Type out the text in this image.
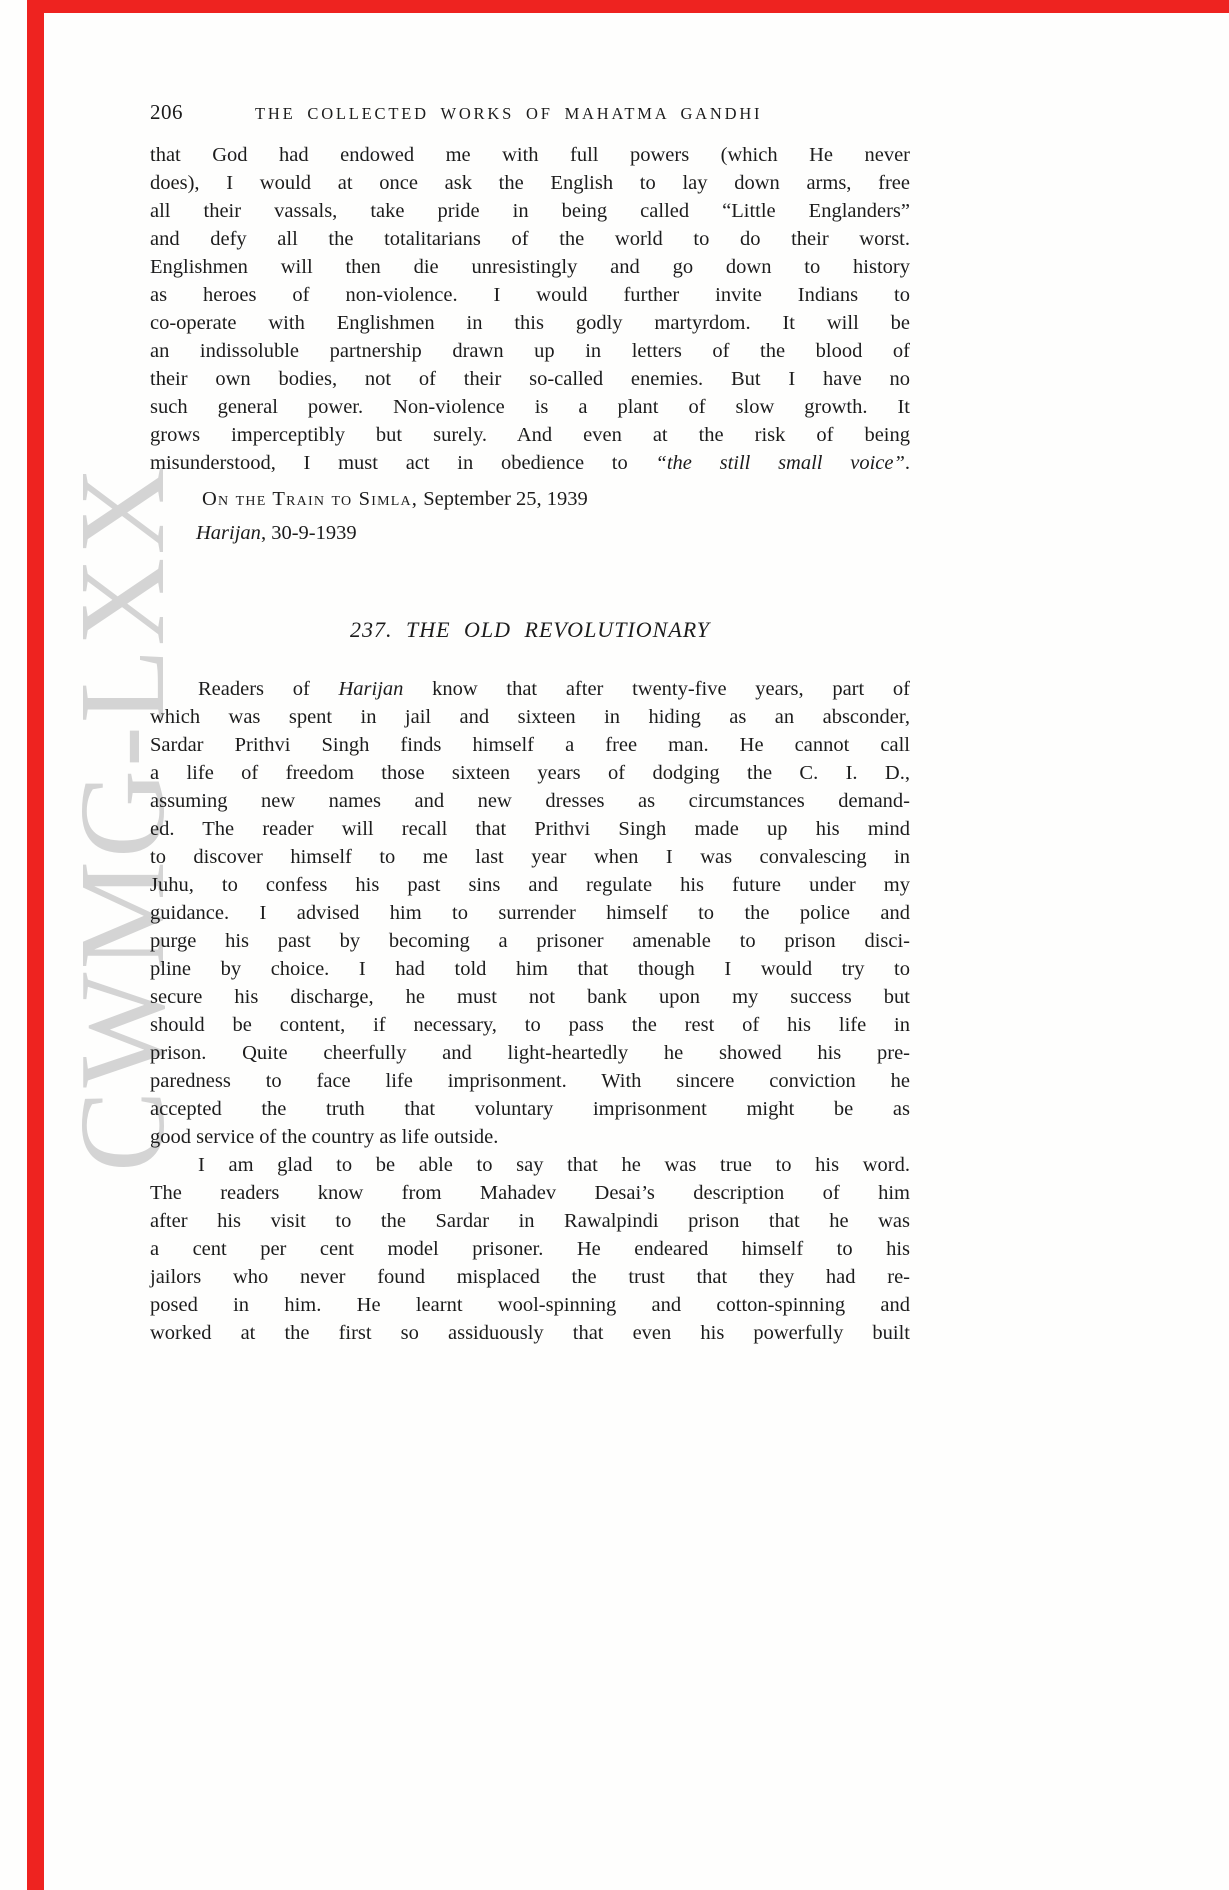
CWMG-LXX
206	THE COLLECTED WORKS OF MAHATMA GANDHI
that God had endowed me with full powers (which He never
does), I would at once ask the English to lay down arms, free
all their vassals, take pride in being called “Little Englanders”
and defy all the totalitarians of the world to do their worst.
Englishmen will then die unresistingly and go down to history
as heroes of non-violence. I would further invite Indians to
co-operate with Englishmen in this godly martyrdom. It will be
an indissoluble partnership drawn up in letters of the blood of
their own bodies, not of their so-called enemies. But I have no
such general power. Non-violence is a plant of slow growth. It
grows imperceptibly but surely. And even at the risk of being
misunderstood, I must act in obedience to “the still small voice”.
On the Train to Simla, September 25, 1939
Harijan, 30-9-1939
237. THE OLD REVOLUTIONARY
Readers of Harijan know that after twenty-five years, part of
which was spent in jail and sixteen in hiding as an absconder,
Sardar Prithvi Singh finds himself a free man. He cannot call
a life of freedom those sixteen years of dodging the C. I. D.,
assuming new names and new dresses as circumstances demand-
ed. The reader will recall that Prithvi Singh made up his mind
to discover himself to me last year when I was convalescing in
Juhu, to confess his past sins and regulate his future under my
guidance. I advised him to surrender himself to the police and
purge his past by becoming a prisoner amenable to prison disci-
pline by choice. I had told him that though I would try to
secure his discharge, he must not bank upon my success but
should be content, if necessary, to pass the rest of his life in
prison. Quite cheerfully and light-heartedly he showed his pre-
paredness to face life imprisonment. With sincere conviction he
accepted the truth that voluntary imprisonment might be as
good service of the country as life outside.
I am glad to be able to say that he was true to his word.
The readers know from Mahadev Desai’s description of him
after his visit to the Sardar in Rawalpindi prison that he was
a cent per cent model prisoner. He endeared himself to his
jailors who never found misplaced the trust that they had re-
posed in him. He learnt wool-spinning and cotton-spinning and
worked at the first so assiduously that even his powerfully built
